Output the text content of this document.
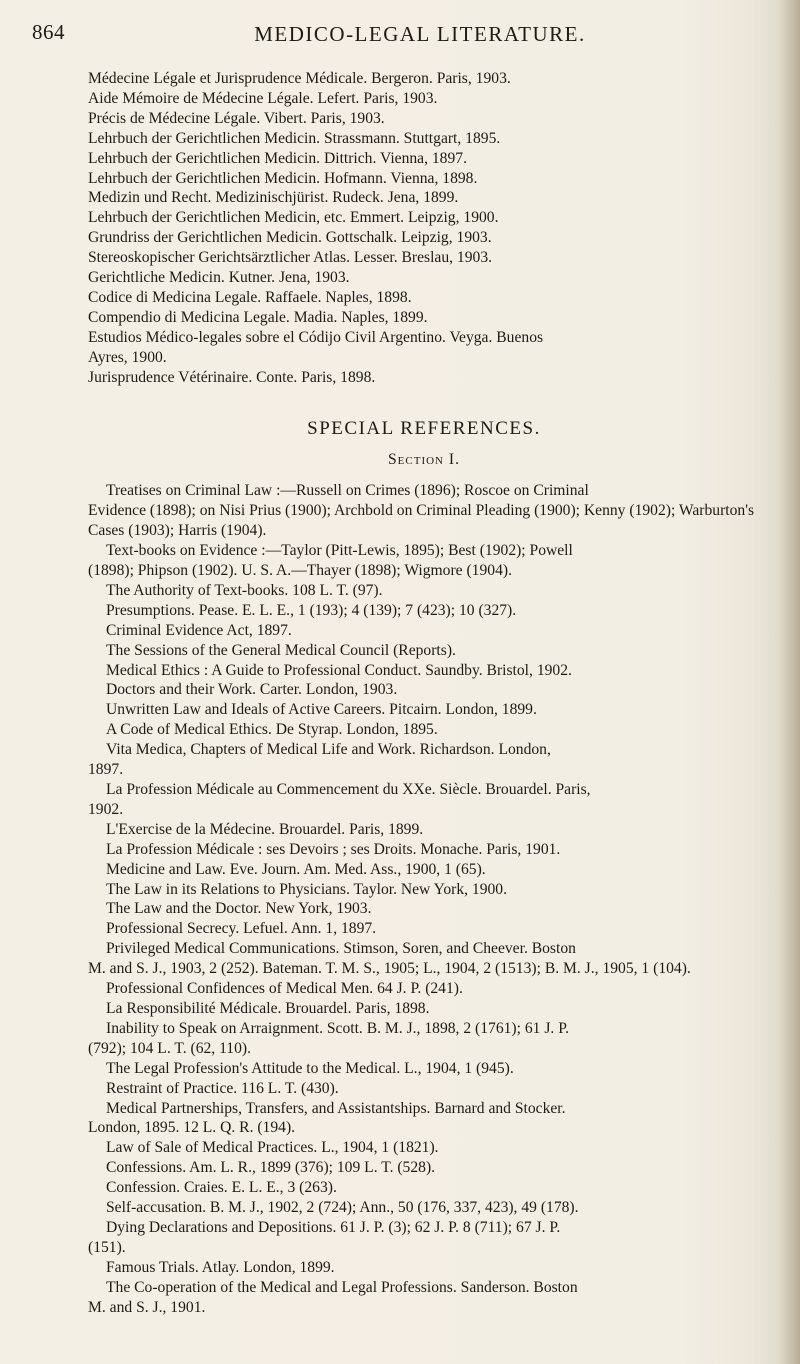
864	MEDICO-LEGAL LITERATURE.

Médecine Légale et Jurisprudence Médicale. Bergeron. Paris, 1903.

Aide Mémoire de Médecine Légale. Lefert. Paris, 1903.

Précis de Médecine Légale. Vibert. Paris, 1903.

Lehrbuch der Gerichtlichen Medicin. Strassmann. Stuttgart, 1895.

Lehrbuch der Gerichtlichen Medicin. Dittrich. Vienna, 1897.

Lehrbuch der Gerichtlichen Medicin. Hofmann. Vienna, 1898.

Medizin und Recht. Medizinischjürist. Rudeck. Jena, 1899.

Lehrbuch der Gerichtlichen Medicin, etc. Emmert. Leipzig, 1900.

Grundriss der Gerichtlichen Medicin. Gottschalk. Leipzig, 1903.

Stereoskopischer Gerichtsärztlicher Atlas. Lesser. Breslau, 1903.

Gerichtliche Medicin. Kutner. Jena, 1903.

Codice di Medicina Legale. Raffaele. Naples, 1898.

Compendio di Medicina Legale. Madia. Naples, 1899.

Estudios Médico-legales sobre el Códijo Civil Argentino. Veyga. Buenos
Ayres, 1900.

Jurisprudence Vétérinaire. Conte. Paris, 1898.

SPECIAL REFERENCES.
Section I.

Treatises on Criminal Law :—Russell on Crimes (1896); Roscoe on Criminal
Evidence (1898); on Nisi Prius (1900); Archbold on Criminal Pleading (1900); Kenny (1902); Warburton's Cases (1903); Harris (1904).

Text-books on Evidence :—Taylor (Pitt-Lewis, 1895); Best (1902); Powell
(1898); Phipson (1902). U. S. A.—Thayer (1898); Wigmore (1904).

The Authority of Text-books. 108 L. T. (97).

Presumptions. Pease. E. L. E., 1 (193); 4 (139); 7 (423); 10 (327).

Criminal Evidence Act, 1897.

The Sessions of the General Medical Council (Reports).

Medical Ethics : A Guide to Professional Conduct. Saundby. Bristol, 1902.

Doctors and their Work. Carter. London, 1903.

Unwritten Law and Ideals of Active Careers. Pitcairn. London, 1899.

A Code of Medical Ethics. De Styrap. London, 1895.

Vita Medica, Chapters of Medical Life and Work. Richardson. London,
1897.

La Profession Médicale au Commencement du XXe. Siècle. Brouardel. Paris,
1902.

L'Exercise de la Médecine. Brouardel. Paris, 1899.

La Profession Médicale : ses Devoirs ; ses Droits. Monache. Paris, 1901.

Medicine and Law. Eve. Journ. Am. Med. Ass., 1900, 1 (65).

The Law in its Relations to Physicians. Taylor. New York, 1900.

The Law and the Doctor. New York, 1903.

Professional Secrecy. Lefuel. Ann. 1, 1897.

Privileged Medical Communications. Stimson, Soren, and Cheever. Boston
M. and S. J., 1903, 2 (252). Bateman. T. M. S., 1905; L., 1904, 2 (1513); B. M. J., 1905, 1 (104).

Professional Confidences of Medical Men. 64 J. P. (241).

La Responsibilité Médicale. Brouardel. Paris, 1898.

Inability to Speak on Arraignment. Scott. B. M. J., 1898, 2 (1761); 61 J. P.
(792); 104 L. T. (62, 110).

The Legal Profession's Attitude to the Medical. L., 1904, 1 (945).

Restraint of Practice. 116 L. T. (430).

Medical Partnerships, Transfers, and Assistantships. Barnard and Stocker.
London, 1895. 12 L. Q. R. (194).

Law of Sale of Medical Practices. L., 1904, 1 (1821).

Confessions. Am. L. R., 1899 (376); 109 L. T. (528).

Confession. Craies. E. L. E., 3 (263).

Self-accusation. B. M. J., 1902, 2 (724); Ann., 50 (176, 337, 423), 49 (178).

Dying Declarations and Depositions. 61 J. P. (3); 62 J. P. 8 (711); 67 J. P.
(151).

Famous Trials. Atlay. London, 1899.

The Co-operation of the Medical and Legal Professions. Sanderson. Boston
M. and S. J., 1901.
